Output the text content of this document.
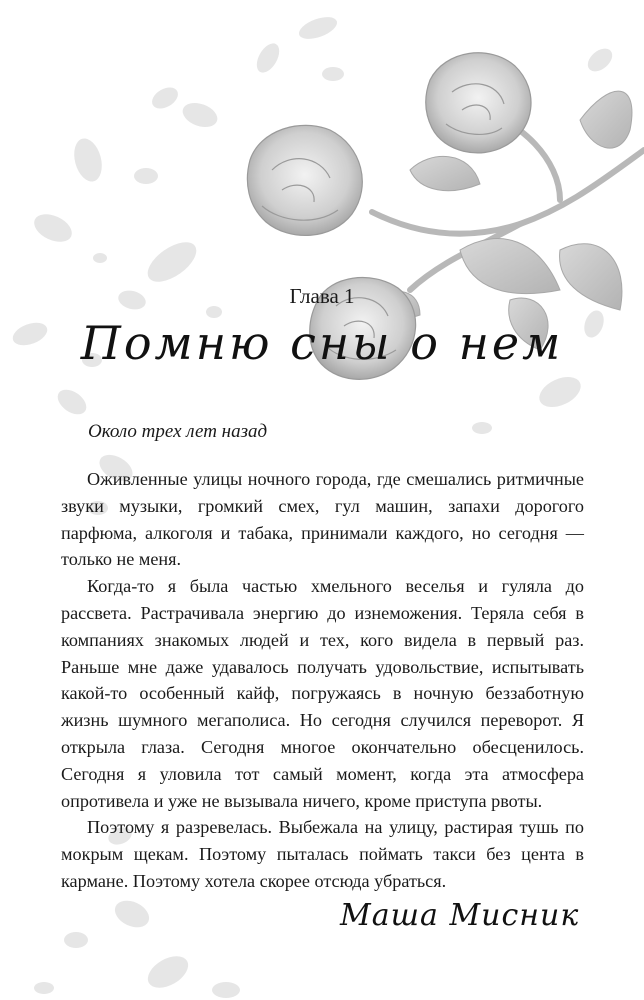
Глава 1
Помню сны о нем
Около трех лет назад

Оживленные улицы ночного города, где смешались ритмичные звуки музыки, громкий смех, гул машин, запахи дорогого парфюма, алкоголя и табака, принимали каждого, но сегодня — только не меня.

Когда-то я была частью хмельного веселья и гуляла до рассвета. Растрачивала энергию до изнеможения. Теряла себя в компаниях знакомых людей и тех, кого видела в первый раз. Раньше мне даже удавалось получать удовольствие, испытывать какой-то особенный кайф, погружаясь в ночную беззаботную жизнь шумного мегаполиса. Но сегодня случился переворот. Я открыла глаза. Сегодня многое окончательно обесценилось. Сегодня я уловила тот самый момент, когда эта атмосфера опротивела и уже не вызывала ничего, кроме приступа рвоты.

Поэтому я разревелась. Выбежала на улицу, растирая тушь по мокрым щекам. Поэтому пыталась поймать такси без цента в кармане. Поэтому хотела скорее отсюда убраться.

Маша Мисник
